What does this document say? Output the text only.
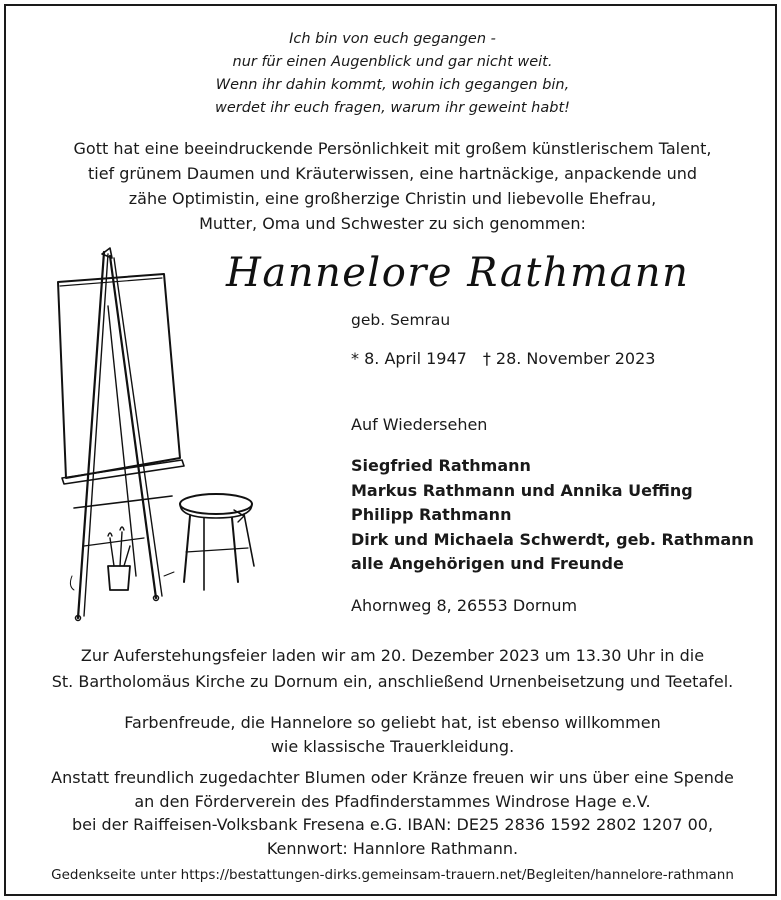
Ich bin von euch gegangen -
nur für einen Augenblick und gar nicht weit.
Wenn ihr dahin kommt, wohin ich gegangen bin,
werdet ihr euch fragen, warum ihr geweint habt!
Gott hat eine beeindruckende Persönlichkeit mit großem künstlerischem Talent,
tief grünem Daumen und Kräuterwissen, eine hartnäckige, anpackende und
zähe Optimistin, eine großherzige Christin und liebevolle Ehefrau,
Mutter, Oma und Schwester zu sich genommen:
Hannelore Rathmann
geb. Semrau
* 8. April 1947 † 28. November 2023
Auf Wiedersehen
Siegfried Rathmann
Markus Rathmann und Annika Ueffing
Philipp Rathmann
Dirk und Michaela Schwerdt, geb. Rathmann
alle Angehörigen und Freunde
Ahornweg 8, 26553 Dornum
Zur Auferstehungsfeier laden wir am 20. Dezember 2023 um 13.30 Uhr in die
St. Bartholomäus Kirche zu Dornum ein, anschließend Urnenbeisetzung und Teetafel.
Farbenfreude, die Hannelore so geliebt hat, ist ebenso willkommen
wie klassische Trauerkleidung.
Anstatt freundlich zugedachter Blumen oder Kränze freuen wir uns über eine Spende
an den Förderverein des Pfadfinderstammes Windrose Hage e.V.
bei der Raiffeisen-Volksbank Fresena e.G. IBAN: DE25 2836 1592 2802 1207 00,
Kennwort: Hannlore Rathmann.
Gedenkseite unter https://bestattungen-dirks.gemeinsam-trauern.net/Begleiten/hannelore-rathmann
